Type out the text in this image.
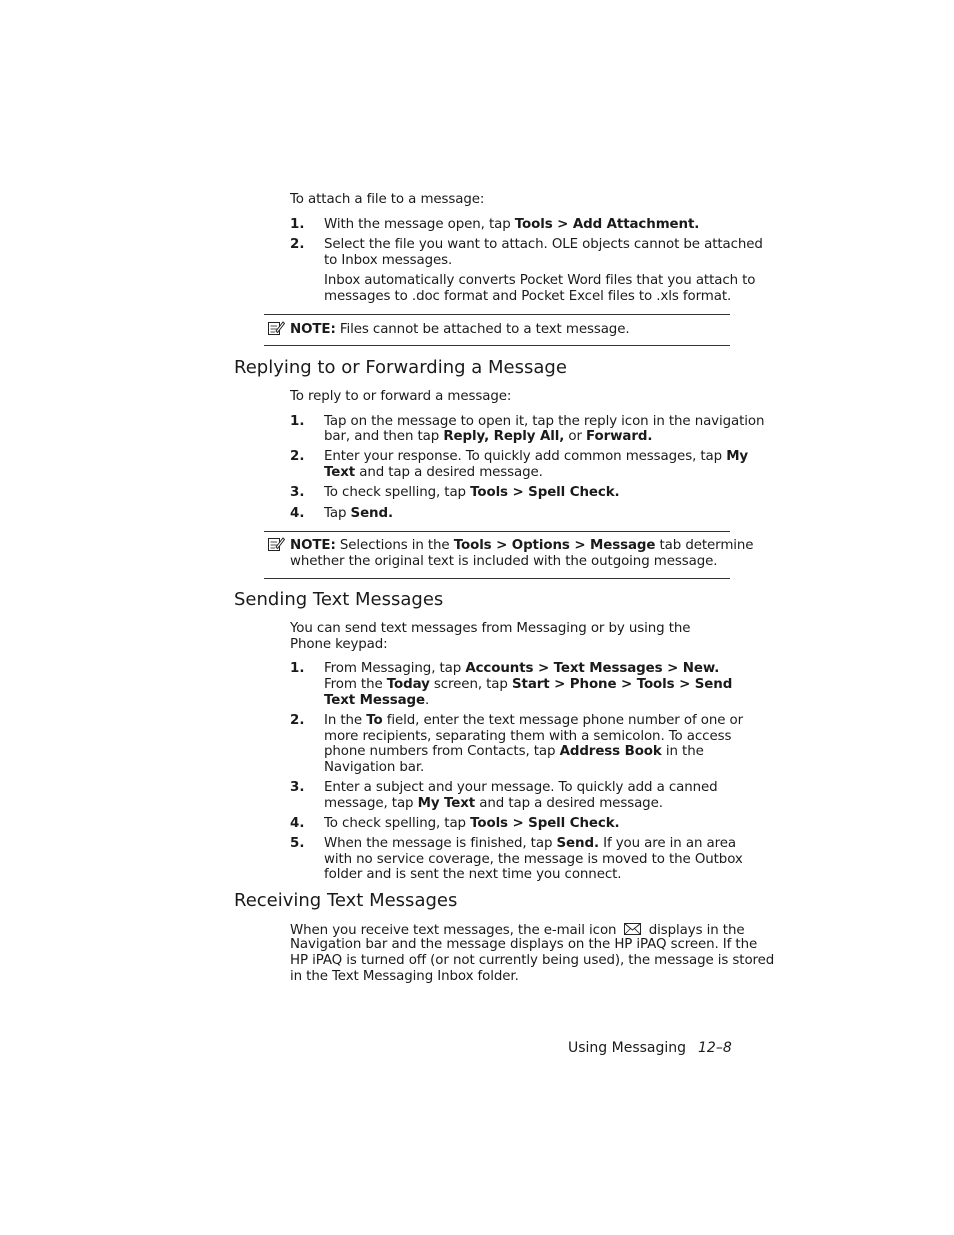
To attach a file to a message:
1. With the message open, tap Tools > Add Attachment.
2. Select the file you want to attach. OLE objects cannot be attached
to Inbox messages.
Inbox automatically converts Pocket Word files that you attach to
messages to .doc format and Pocket Excel files to .xls format.
NOTE: Files cannot be attached to a text message.
Replying to or Forwarding a Message
To reply to or forward a message:
1. Tap on the message to open it, tap the reply icon in the navigation
bar, and then tap Reply, Reply All, or Forward.
2. Enter your response. To quickly add common messages, tap My
Text and tap a desired message.
3. To check spelling, tap Tools > Spell Check.
4. Tap Send.
NOTE: Selections in the Tools > Options > Message tab determine
whether the original text is included with the outgoing message.
Sending Text Messages
You can send text messages from Messaging or by using the
Phone keypad:
1. From Messaging, tap Accounts > Text Messages > New.
From the Today screen, tap Start > Phone > Tools > Send
Text Message.
2. In the To field, enter the text message phone number of one or
more recipients, separating them with a semicolon. To access
phone numbers from Contacts, tap Address Book in the
Navigation bar.
3. Enter a subject and your message. To quickly add a canned
message, tap My Text and tap a desired message.
4. To check spelling, tap Tools > Spell Check.
5. When the message is finished, tap Send. If you are in an area
with no service coverage, the message is moved to the Outbox
folder and is sent the next time you connect.
Receiving Text Messages
When you receive text messages, the e-mail icon  displays in the
Navigation bar and the message displays on the HP iPAQ screen. If the
HP iPAQ is turned off (or not currently being used), the message is stored
in the Text Messaging Inbox folder.
Using Messaging 12–8
